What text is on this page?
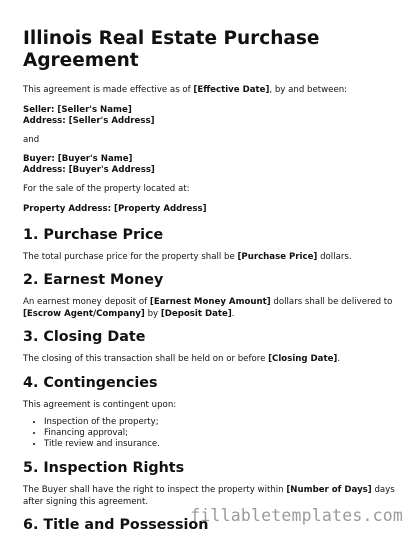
Illinois Real Estate Purchase Agreement

This agreement is made effective as of [Effective Date], by and between:

Seller: [Seller's Name]
Address: [Seller's Address]

and

Buyer: [Buyer's Name]
Address: [Buyer's Address]

For the sale of the property located at:

Property Address: [Property Address]
1. Purchase Price

The total purchase price for the property shall be [Purchase Price] dollars.

2. Earnest Money

An earnest money deposit of [Earnest Money Amount] dollars shall be delivered to [Escrow Agent/Company] by [Deposit Date].

3. Closing Date

The closing of this transaction shall be held on or before [Closing Date].

4. Contingencies

This agreement is contingent upon:

• Inspection of the property;
• Financing approval;
• Title review and insurance.
5. Inspection Rights

The Buyer shall have the right to inspect the property within [Number of Days] days after signing this agreement.

6. Title and Possession
fillabletemplates.com
